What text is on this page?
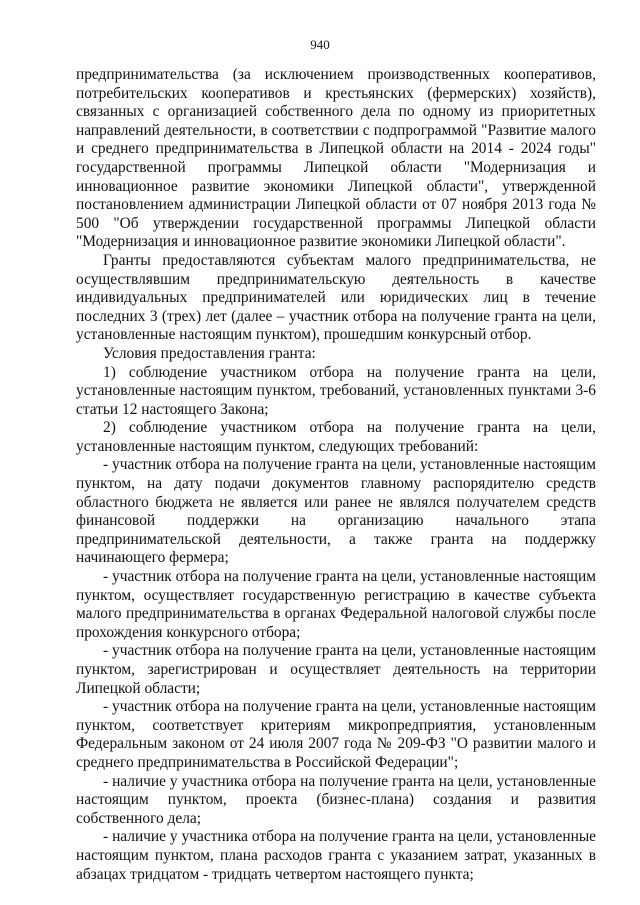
940

предпринимательства (за исключением производственных кооперативов, потребительских кооперативов и крестьянских (фермерских) хозяйств), связанных с организацией собственного дела по одному из приоритетных направлений деятельности, в соответствии с подпрограммой "Развитие малого и среднего предпринимательства в Липецкой области на 2014 - 2024 годы" государственной программы Липецкой области "Модернизация и инновационное развитие экономики Липецкой области", утвержденной постановлением администрации Липецкой области от 07 ноября 2013 года № 500 "Об утверждении государственной программы Липецкой области "Модернизация и инновационное развитие экономики Липецкой области".

Гранты предоставляются субъектам малого предпринимательства, не осуществлявшим предпринимательскую деятельность в качестве индивидуальных предпринимателей или юридических лиц в течение последних 3 (трех) лет (далее – участник отбора на получение гранта на цели, установленные настоящим пунктом), прошедшим конкурсный отбор.

Условия предоставления гранта:

1) соблюдение участником отбора на получение гранта на цели, установленные настоящим пунктом, требований, установленных пунктами 3-6 статьи 12 настоящего Закона;

2) соблюдение участником отбора на получение гранта на цели, установленные настоящим пунктом, следующих требований:

- участник отбора на получение гранта на цели, установленные настоящим пунктом, на дату подачи документов главному распорядителю средств областного бюджета не является или ранее не являлся получателем средств финансовой поддержки на организацию начального этапа предпринимательской деятельности, а также гранта на поддержку начинающего фермера;

- участник отбора на получение гранта на цели, установленные настоящим пунктом, осуществляет государственную регистрацию в качестве субъекта малого предпринимательства в органах Федеральной налоговой службы после прохождения конкурсного отбора;

- участник отбора на получение гранта на цели, установленные настоящим пунктом, зарегистрирован и осуществляет деятельность на территории Липецкой области;

- участник отбора на получение гранта на цели, установленные настоящим пунктом, соответствует критериям микропредприятия, установленным Федеральным законом от 24 июля 2007 года № 209-ФЗ "О развитии малого и среднего предпринимательства в Российской Федерации";

- наличие у участника отбора на получение гранта на цели, установленные настоящим пунктом, проекта (бизнес-плана) создания и развития собственного дела;

- наличие у участника отбора на получение гранта на цели, установленные настоящим пунктом, плана расходов гранта с указанием затрат, указанных в абзацах тридцатом - тридцать четвертом настоящего пункта;
